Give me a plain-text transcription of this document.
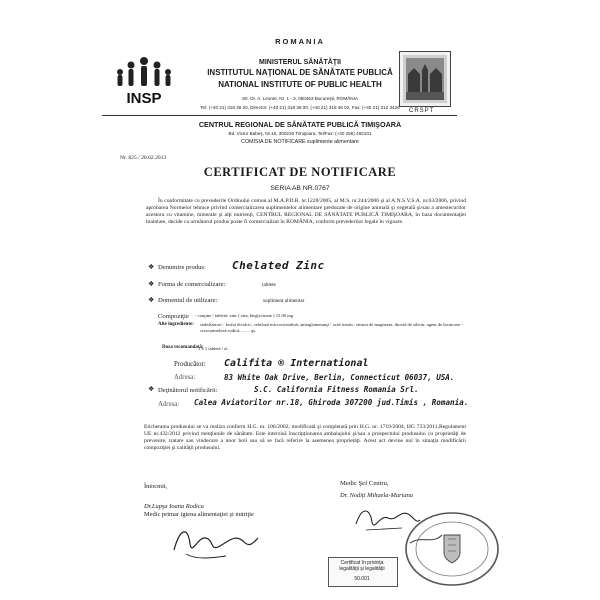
INSP
CRSPT
ROMANIA
MINISTERUL SĂNĂTĂŢII
INSTITUTUL NAŢIONAL DE SĂNĂTATE PUBLICĂ
NATIONAL INSTITUTE OF PUBLIC HEALTH
Str. Dr. A. Leonte, Nr. 1 - 3, 050463 Bucureşti, ROMÂNIA
Tel: (+40 21) 318 36 20, Director: (+40 21) 318 36 00, (+40 21) 318 36 02, Fax: (+40 21) 312 3426
CENTRUL REGIONAL DE SĂNĂTATE PUBLICĂ TIMIŞOARA
Bd. Victor Babeş, Nr.16, 300226 Timişoara, Tel/Fax: (+40 256) 492101
COMISIA DE NOTIFICARE suplimente alimentare
Nr. 825 / 20.02.2013
CERTIFICAT DE NOTIFICARE
SERIA AB NR.0767
În conformitate cu prevederile Ordinului comun al M.A.P.D.R. nr.1228/2005, al M.S. nr.244/2006 şi al A.N.S.V.S.A. nr.63/2006, privind aprobarea Normelor tehnice privind comercializarea suplimentelor alimentare predozate de origine animală şi vegetală şi/sau a amestecurilor acestora cu vitamine, minerale şi alţi nutrienţi, CENTRUL REGIONAL DE SĂNĂTATE PUBLICĂ TIMIŞOARA, în baza documentaţiei înaintate, decide ca următorul produs poate fi comercializat în ROMÂNIA, conform prevederilor legale în vigoare.
❖ Denumire produs: Chelated Zinc
❖ Forma de comercializare:	tablete
❖ Domeniul de utilizare:	supliment alimentar
Compoziţie - conţine / tabletă: zinc ( zinc bisglycinate ) 15.00 mg
Alte ingrediente: stabilizatori - fosfat dicalcic, celuloză microcristalină; antiaglomeranţi - acid stearic, stearat de magneziu, dioxid de siliciu; agent de încărcare - croscarmeloză sodică ........ qs.
Doza recomandată:
1 x 1 tabletă / zi.
Producător: Califita ® International
Adresa:	83 White Oak Drive, Berlin, Connecticut 06037, USA.
❖ Deţinătorul notificării:	S.C. California Fitness Romania Srl.
Adresa: Calea Aviatorilor nr.18, Ghiroda 307200 jud.Timis , Romania.
Etichetarea produsului se va realiza conform H.G. nr. 106/2002, modificată şi completată prin H.G. nr. 1719/2004, HG 723/2011,Regulament UE nr.432/2012 privind menţiunile de sănătate. Este interzisă înscripţionarea ambalajului şi/sau a prospectului produsului cu proprietăţi de prevenire, tratare sau vindecare a unor boli sau să se facă referire la asemenea proprietăţi. Acest act devine nul în situaţia modificării compoziţiei şi calităţii produsului.
Întocmit,
Dr.Lupşa Ioana Rodica
Medic primar igiena alimentaţiei şi nutriţie
Medic Şef Centru,
Dr. Nodiţi Mihaela-Mariana
Certificat în privinţa legalităţii şi legalităţii
50.001
